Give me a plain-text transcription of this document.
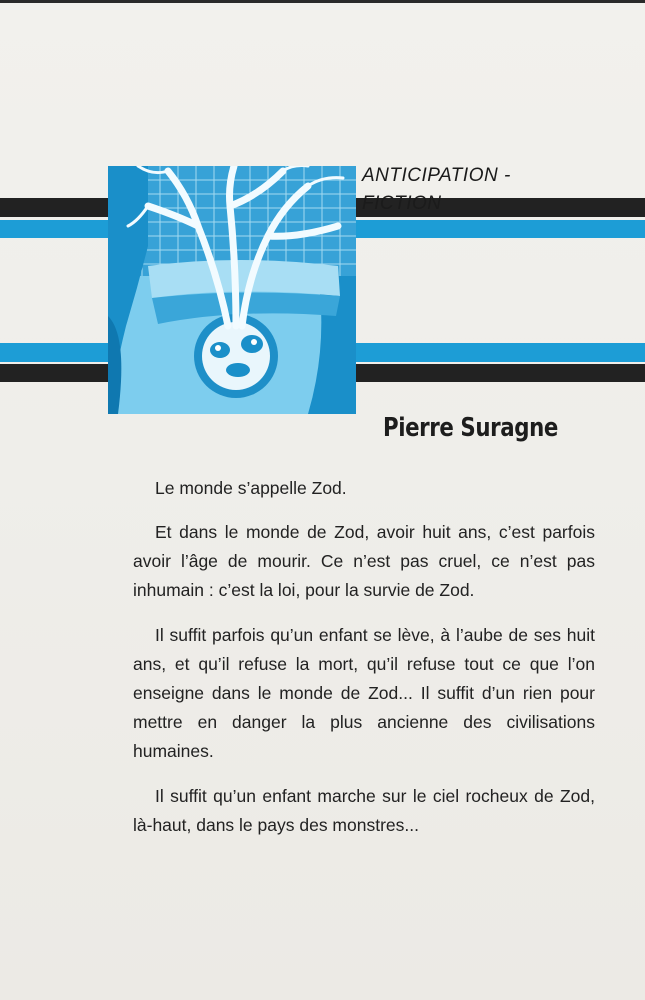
ANTICIPATION - FICTION
Pierre Suragne

Le monde s’appelle Zod.

Et dans le monde de Zod, avoir huit ans, c’est parfois avoir l’âge de mourir. Ce n’est pas cruel, ce n’est pas inhumain : c’est la loi, pour la survie de Zod.

Il suffit parfois qu’un enfant se lève, à l’aube de ses huit ans, et qu’il refuse la mort, qu’il refuse tout ce que l’on enseigne dans le monde de Zod... Il suffit d’un rien pour mettre en danger la plus ancienne des civilisations humaines.

Il suffit qu’un enfant marche sur le ciel rocheux de Zod, là-haut, dans le pays des monstres...
